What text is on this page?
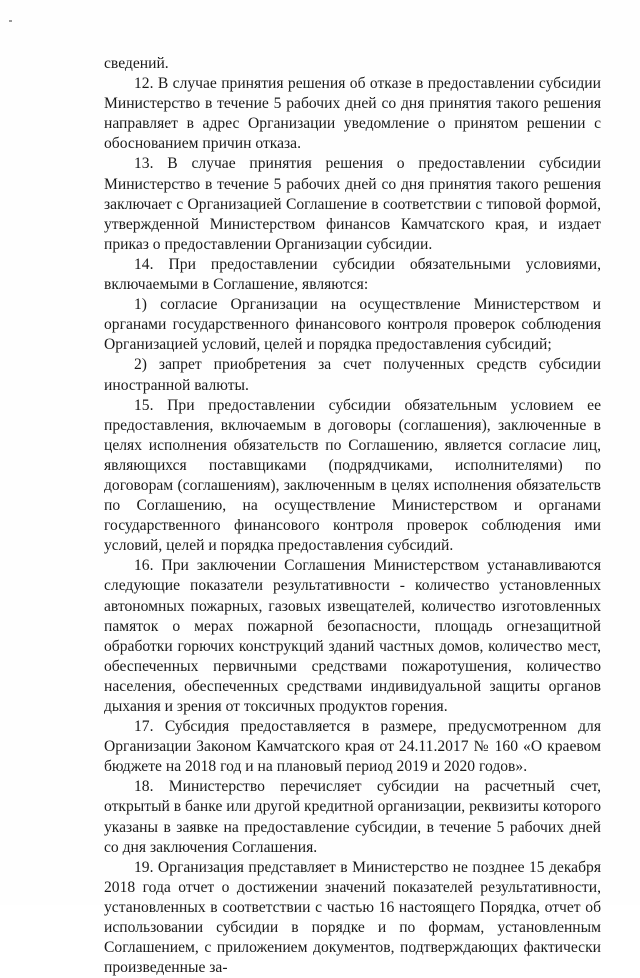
сведений.

12. В случае принятия решения об отказе в предоставлении субсидии Министерство в течение 5 рабочих дней со дня принятия такого решения направляет в адрес Организации уведомление о принятом решении с обоснованием причин отказа.

13. В случае принятия решения о предоставлении субсидии Министерство в течение 5 рабочих дней со дня принятия такого решения заключает с Организацией Соглашение в соответствии с типовой формой, утвержденной Министерством финансов Камчатского края, и издает приказ о предоставлении Организации субсидии.

14. При предоставлении субсидии обязательными условиями, включаемыми в Соглашение, являются:

1) согласие Организации на осуществление Министерством и органами государственного финансового контроля проверок соблюдения Организацией условий, целей и порядка предоставления субсидий;

2) запрет приобретения за счет полученных средств субсидии иностранной валюты.

15. При предоставлении субсидии обязательным условием ее предоставления, включаемым в договоры (соглашения), заключенные в целях исполнения обязательств по Соглашению, является согласие лиц, являющихся поставщиками (подрядчиками, исполнителями) по договорам (соглашениям), заключенным в целях исполнения обязательств по Соглашению, на осуществление Министерством и органами государственного финансового контроля проверок соблюдения ими условий, целей и порядка предоставления субсидий.

16. При заключении Соглашения Министерством устанавливаются следующие показатели результативности - количество установленных автономных пожарных, газовых извещателей, количество изготовленных памяток о мерах пожарной безопасности, площадь огнезащитной обработки горючих конструкций зданий частных домов, количество мест, обеспеченных первичными средствами пожаротушения, количество населения, обеспеченных средствами индивидуальной защиты органов дыхания и зрения от токсичных продуктов горения.

17. Субсидия предоставляется в размере, предусмотренном для Организации Законом Камчатского края от 24.11.2017 № 160 «О краевом бюджете на 2018 год и на плановый период 2019 и 2020 годов».

18. Министерство перечисляет субсидии на расчетный счет, открытый в банке или другой кредитной организации, реквизиты которого указаны в заявке на предоставление субсидии, в течение 5 рабочих дней со дня заключения Соглашения.

19. Организация представляет в Министерство не позднее 15 декабря 2018 года отчет о достижении значений показателей результативности, установленных в соответствии с частью 16 настоящего Порядка, отчет об использовании субсидии в порядке и по формам, установленным Соглашением, с приложением документов, подтверждающих фактически произведенные за-
